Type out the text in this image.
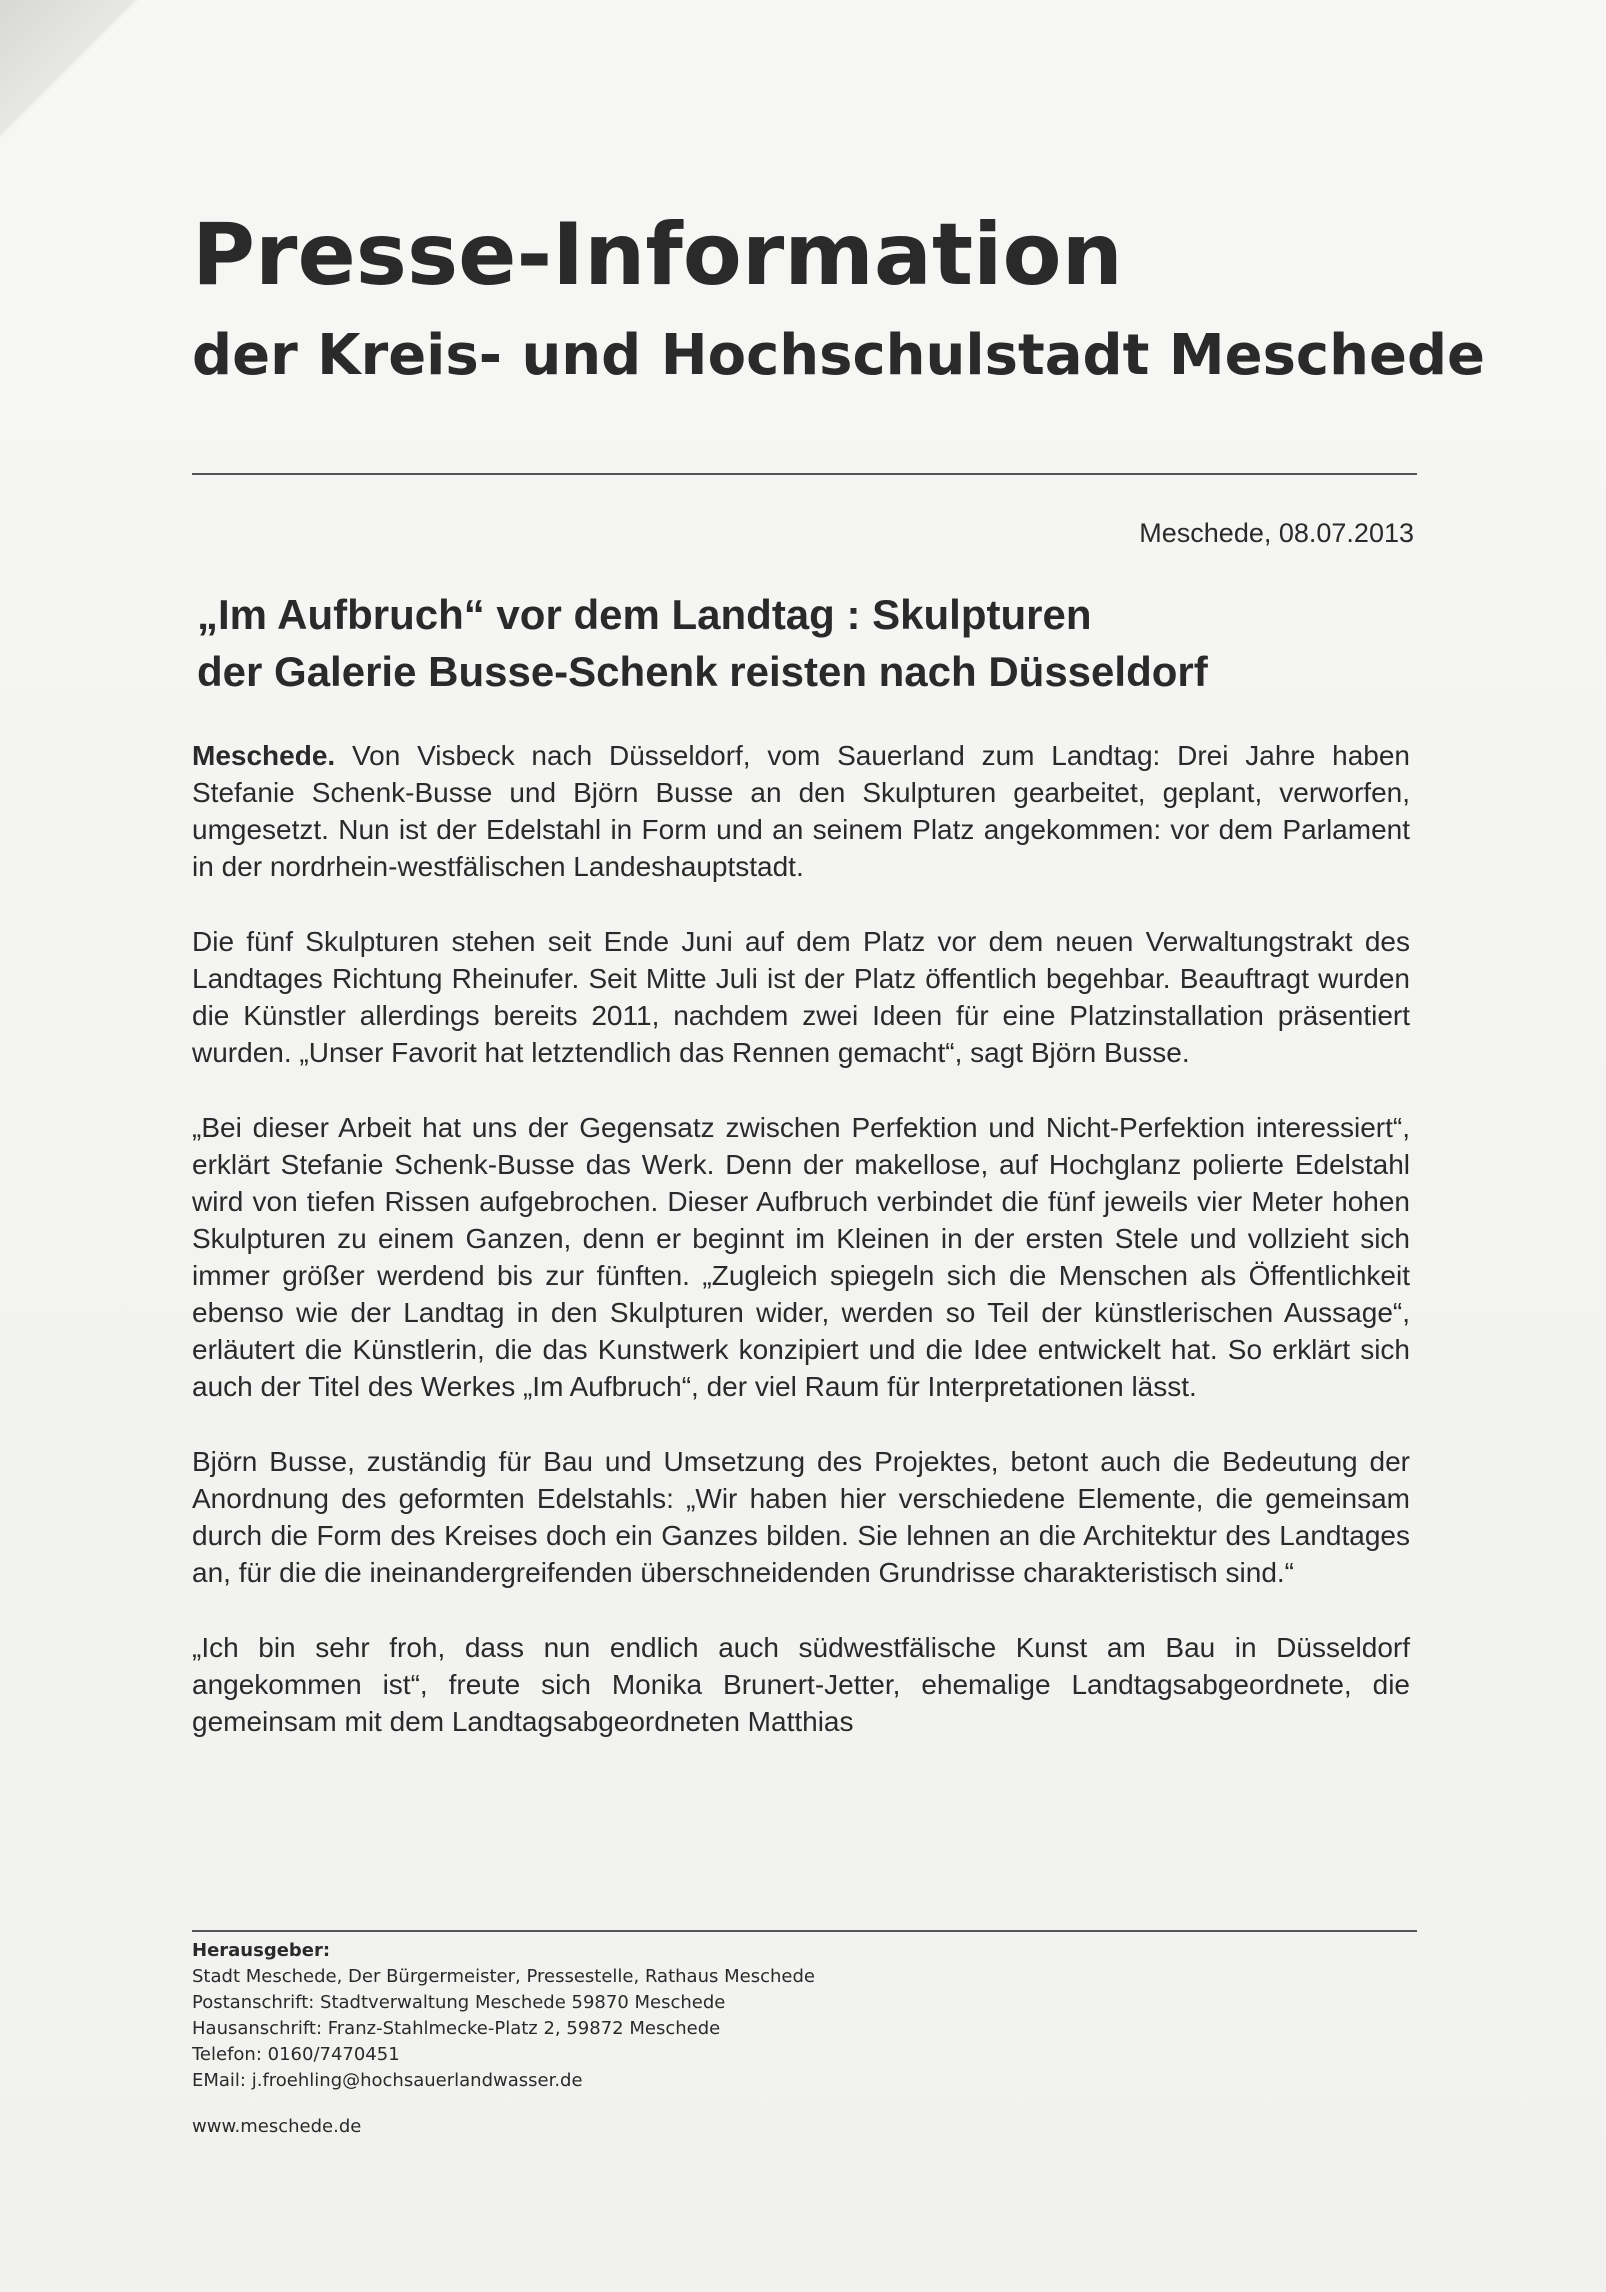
Presse-Information
der Kreis- und Hochschulstadt Meschede
Meschede, 08.07.2013
„Im Aufbruch“ vor dem Landtag : Skulpturen
der Galerie Busse-Schenk reisten nach Düsseldorf

Meschede. Von Visbeck nach Düsseldorf, vom Sauerland zum Landtag: Drei Jahre haben Stefanie Schenk-Busse und Björn Busse an den Skulpturen gearbeitet, geplant, verworfen, umgesetzt. Nun ist der Edelstahl in Form und an seinem Platz angekommen: vor dem Parlament in der nordrhein-westfälischen Landeshauptstadt.

Die fünf Skulpturen stehen seit Ende Juni auf dem Platz vor dem neuen Verwaltungstrakt des Landtages Richtung Rheinufer. Seit Mitte Juli ist der Platz öffentlich begehbar. Beauftragt wurden die Künstler allerdings bereits 2011, nachdem zwei Ideen für eine Platzinstallation präsentiert wurden. „Unser Favorit hat letztendlich das Rennen gemacht“, sagt Björn Busse.

„Bei dieser Arbeit hat uns der Gegensatz zwischen Perfektion und Nicht-Perfektion interessiert“, erklärt Stefanie Schenk-Busse das Werk. Denn der makellose, auf Hochglanz polierte Edelstahl wird von tiefen Rissen aufgebrochen. Dieser Aufbruch verbindet die fünf jeweils vier Meter hohen Skulpturen zu einem Ganzen, denn er beginnt im Kleinen in der ersten Stele und vollzieht sich immer größer werdend bis zur fünften. „Zugleich spiegeln sich die Menschen als Öffentlichkeit ebenso wie der Landtag in den Skulpturen wider, werden so Teil der künstlerischen Aussage“, erläutert die Künstlerin, die das Kunstwerk konzipiert und die Idee entwickelt hat. So erklärt sich auch der Titel des Werkes „Im Aufbruch“, der viel Raum für Interpretationen lässt.

Björn Busse, zuständig für Bau und Umsetzung des Projektes, betont auch die Bedeutung der Anordnung des geformten Edelstahls: „Wir haben hier verschiedene Elemente, die gemeinsam durch die Form des Kreises doch ein Ganzes bilden. Sie lehnen an die Architektur des Landtages an, für die die ineinandergreifenden überschneidenden Grundrisse charakteristisch sind.“

„Ich bin sehr froh, dass nun endlich auch südwestfälische Kunst am Bau in Düsseldorf angekommen ist“, freute sich Monika Brunert-Jetter, ehemalige Landtagsabgeordnete, die gemeinsam mit dem Landtagsabgeordneten Matthias

Herausgeber:
Stadt Meschede, Der Bürgermeister, Pressestelle, Rathaus Meschede
Postanschrift: Stadtverwaltung Meschede 59870 Meschede
Hausanschrift: Franz-Stahlmecke-Platz 2, 59872 Meschede
Telefon: 0160/7470451
EMail: j.froehling@hochsauerlandwasser.de
www.meschede.de
